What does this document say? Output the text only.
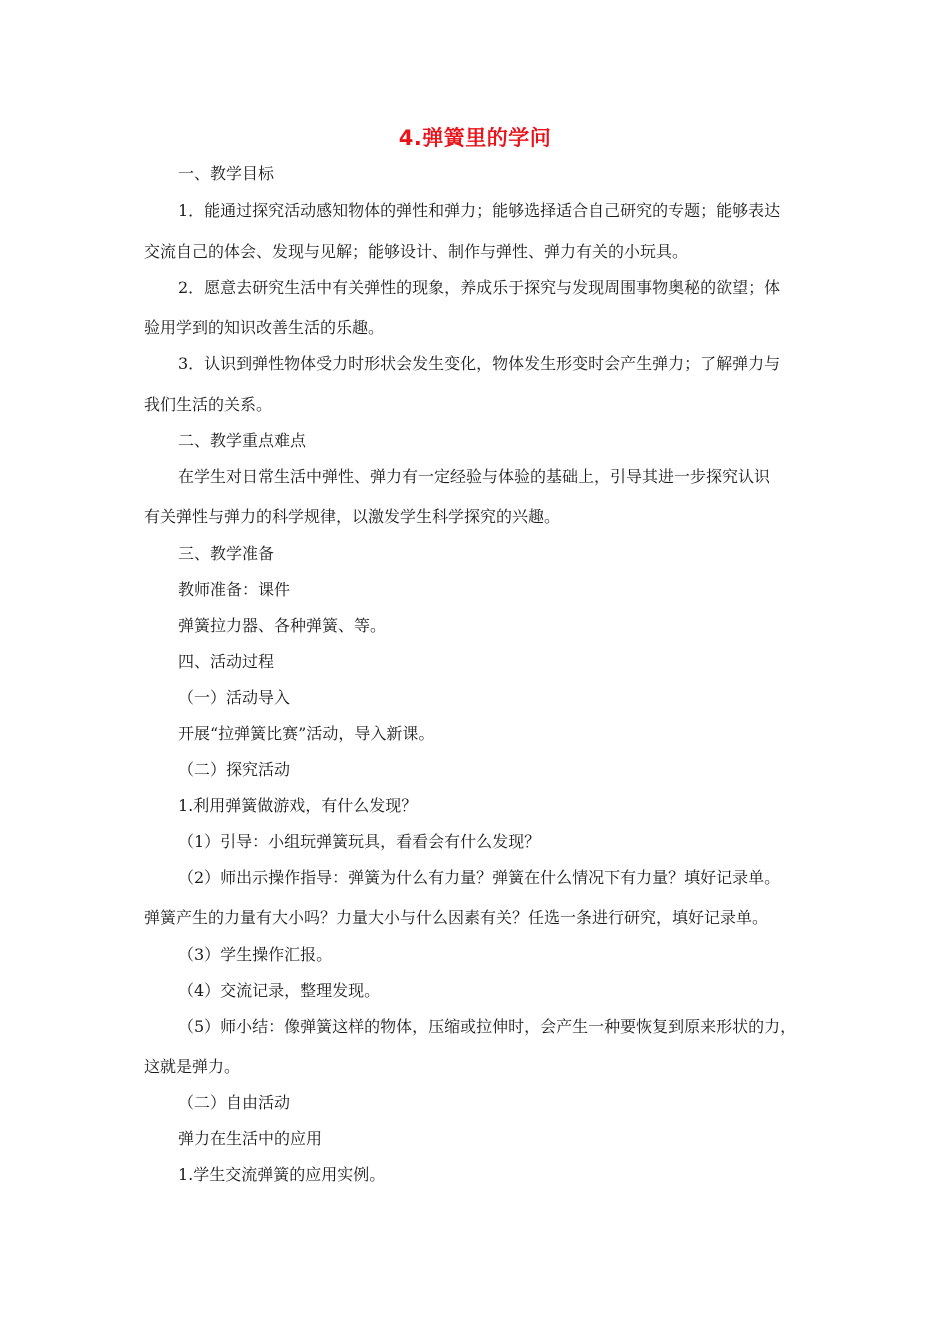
4.弹簧里的学问
一、教学目标
1．能通过探究活动感知物体的弹性和弹力；能够选择适合自己研究的专题；能够表达
交流自己的体会、发现与见解；能够设计、制作与弹性、弹力有关的小玩具。
2．愿意去研究生活中有关弹性的现象，养成乐于探究与发现周围事物奥秘的欲望；体
验用学到的知识改善生活的乐趣。
3．认识到弹性物体受力时形状会发生变化，物体发生形变时会产生弹力；了解弹力与
我们生活的关系。
二、教学重点难点
在学生对日常生活中弹性、弹力有一定经验与体验的基础上，引导其进一步探究认识
有关弹性与弹力的科学规律，以激发学生科学探究的兴趣。
三、教学准备
教师准备：课件
弹簧拉力器、各种弹簧、等。
四、活动过程
（一）活动导入
开展“拉弹簧比赛”活动，导入新课。
（二）探究活动
1.利用弹簧做游戏，有什么发现？
（1）引导：小组玩弹簧玩具，看看会有什么发现？
（2）师出示操作指导：弹簧为什么有力量？弹簧在什么情况下有力量？填好记录单。
弹簧产生的力量有大小吗？力量大小与什么因素有关？任选一条进行研究，填好记录单。
（3）学生操作汇报。
（4）交流记录，整理发现。
（5）师小结：像弹簧这样的物体，压缩或拉伸时，会产生一种要恢复到原来形状的力，
这就是弹力。
（二）自由活动
弹力在生活中的应用
1.学生交流弹簧的应用实例。
